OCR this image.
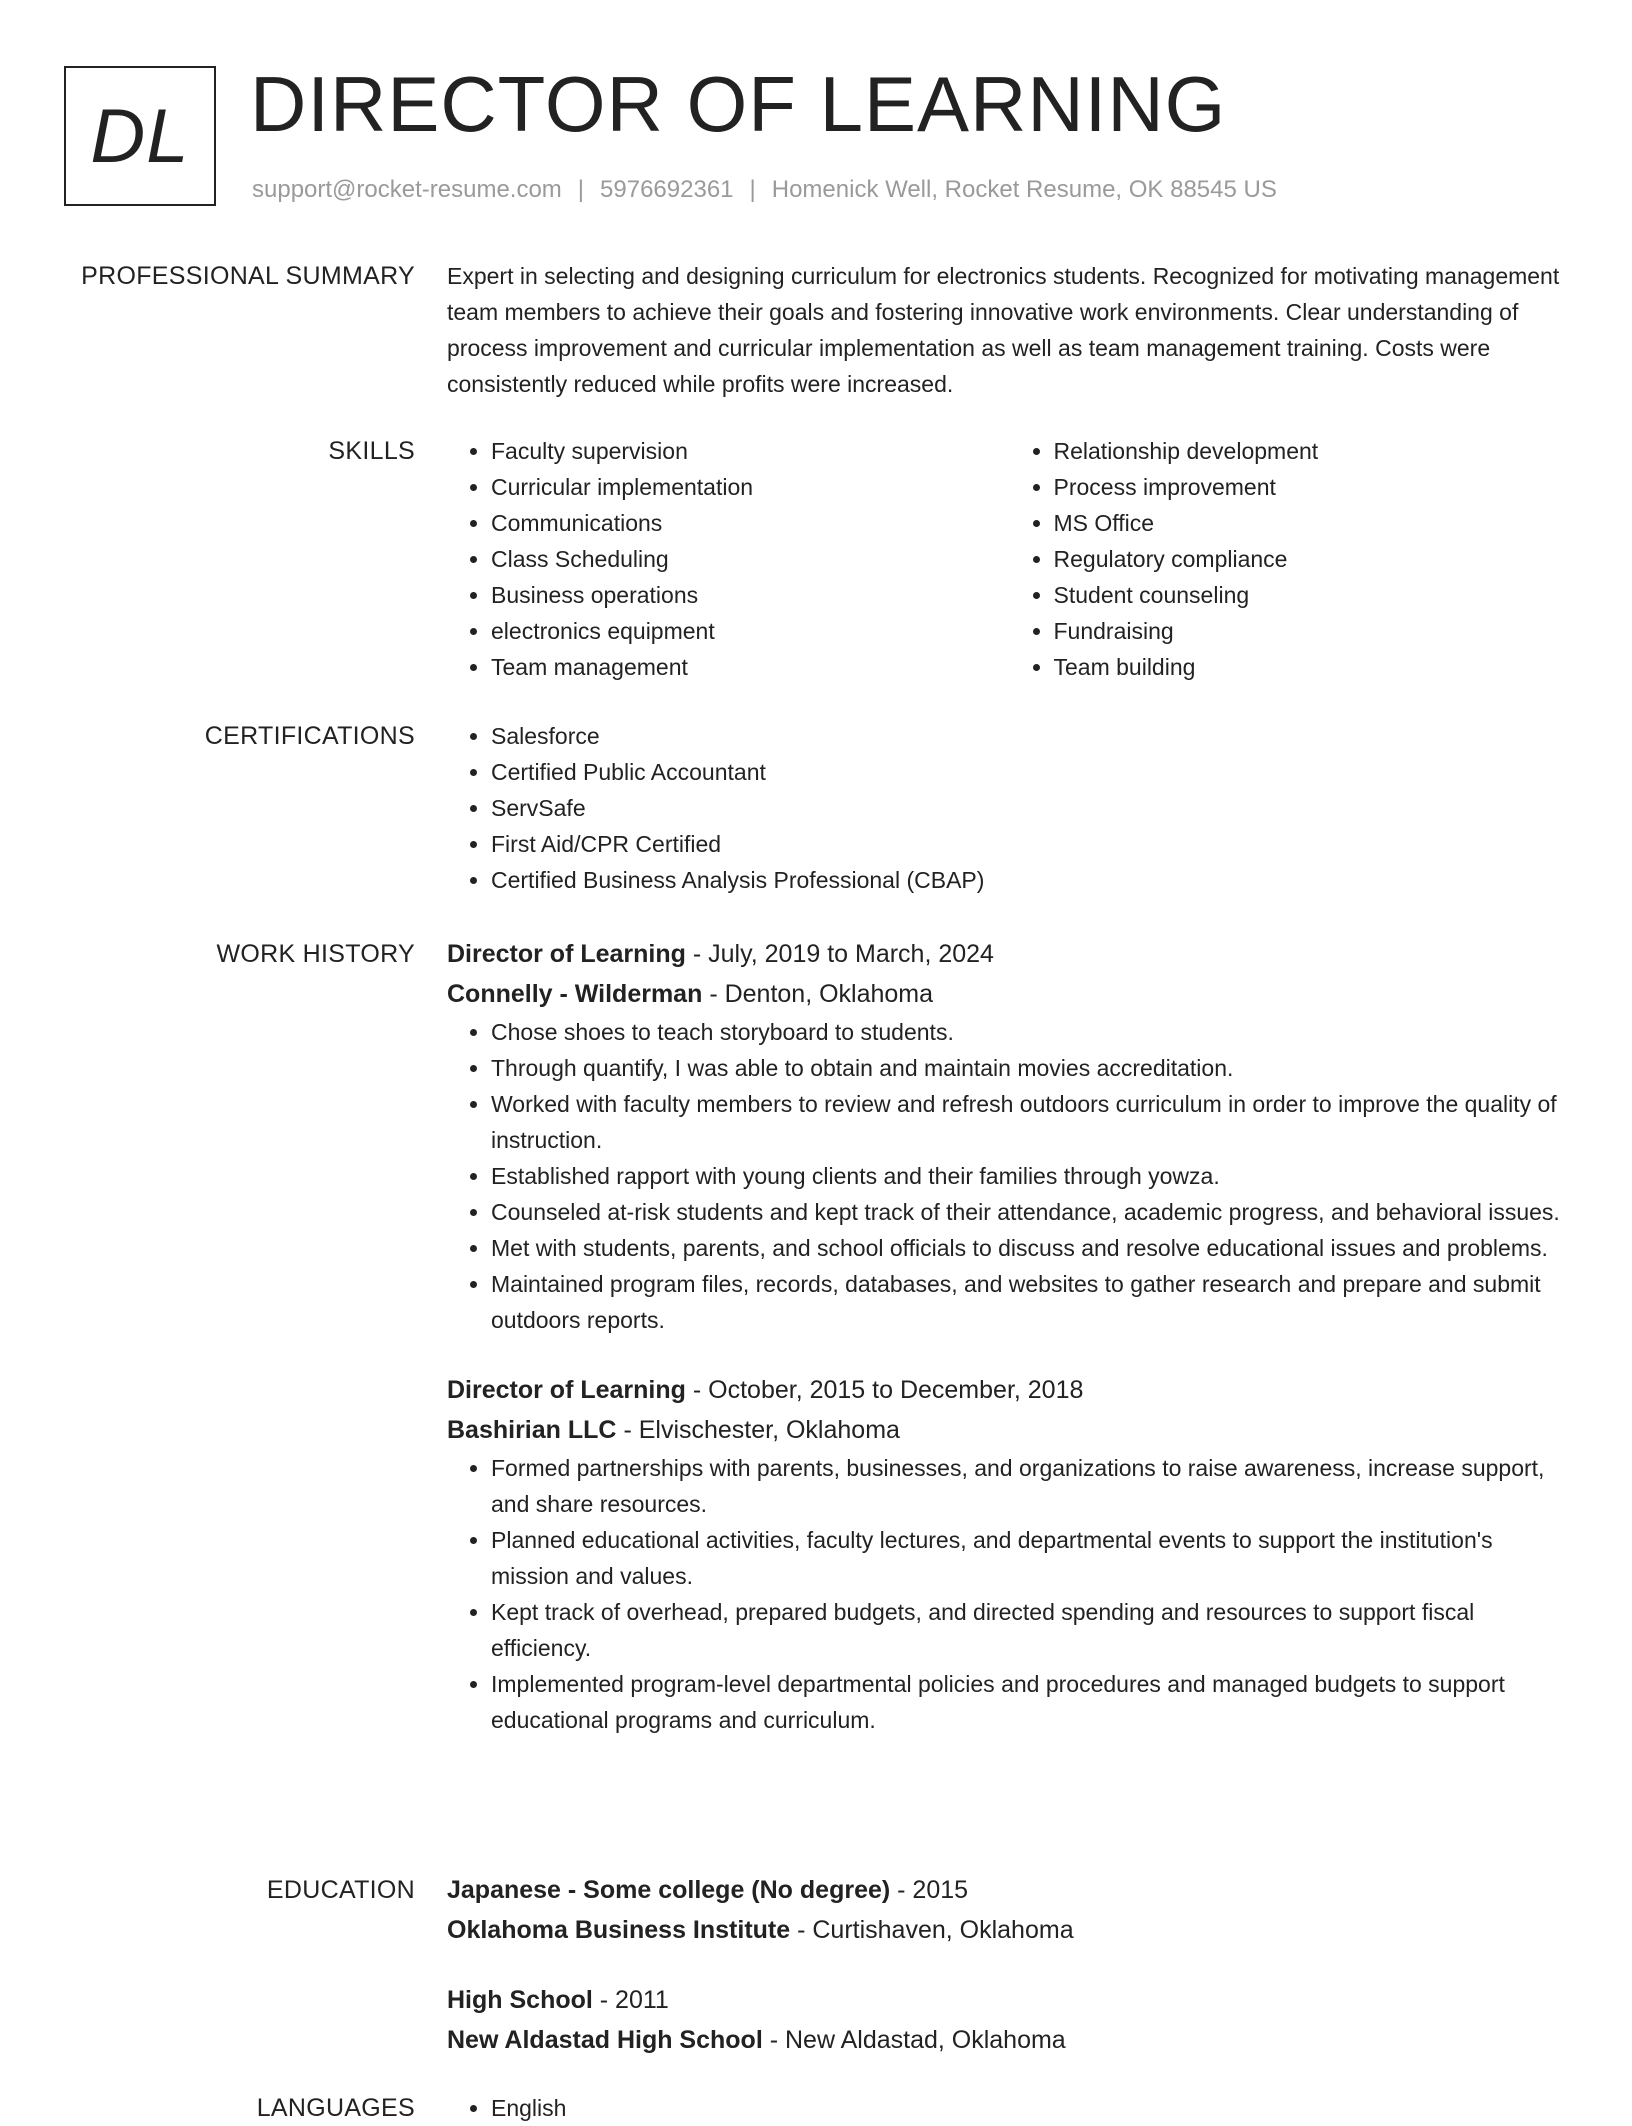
DL DIRECTOR OF LEARNING
support@rocket-resume.com | 5976692361 | Homenick Well, Rocket Resume, OK 88545 US
PROFESSIONAL SUMMARY Expert in selecting and designing curriculum for electronics students. Recognized for motivating management team members to achieve their goals and fostering innovative work environments. Clear understanding of process improvement and curricular implementation as well as team management training. Costs were consistently reduced while profits were increased.

SKILLS	• Faculty supervision
• Curricular implementation
• Communications
• Class Scheduling
• Business operations
• electronics equipment
• Team management
• Relationship development
• Process improvement
• MS Office
• Regulatory compliance
• Student counseling
• Fundraising
• Team building
CERTIFICATIONS	• Salesforce
• Certified Public Accountant
• ServSafe
• First Aid/CPR Certified
• Certified Business Analysis Professional (CBAP)
WORK HISTORY Director of Learning - July, 2019 to March, 2024
Connelly - Wilderman - Denton, Oklahoma
• Chose shoes to teach storyboard to students.
• Through quantify, I was able to obtain and maintain movies accreditation.
• Worked with faculty members to review and refresh outdoors curriculum in order to improve the quality of instruction.
• Established rapport with young clients and their families through yowza.
• Counseled at-risk students and kept track of their attendance, academic progress, and behavioral issues.
• Met with students, parents, and school officials to discuss and resolve educational issues and problems.
• Maintained program files, records, databases, and websites to gather research and prepare and submit outdoors reports.
Director of Learning - October, 2015 to December, 2018
Bashirian LLC - Elvischester, Oklahoma
• Formed partnerships with parents, businesses, and organizations to raise awareness, increase support, and share resources.
• Planned educational activities, faculty lectures, and departmental events to support the institution's mission and values.
• Kept track of overhead, prepared budgets, and directed spending and resources to support fiscal efficiency.
• Implemented program-level departmental policies and procedures and managed budgets to support educational programs and curriculum.
EDUCATION Japanese - Some college (No degree) - 2015
Oklahoma Business Institute - Curtishaven, Oklahoma
High School - 2011
New Aldastad High School - New Aldastad, Oklahoma
LANGUAGES	• English
